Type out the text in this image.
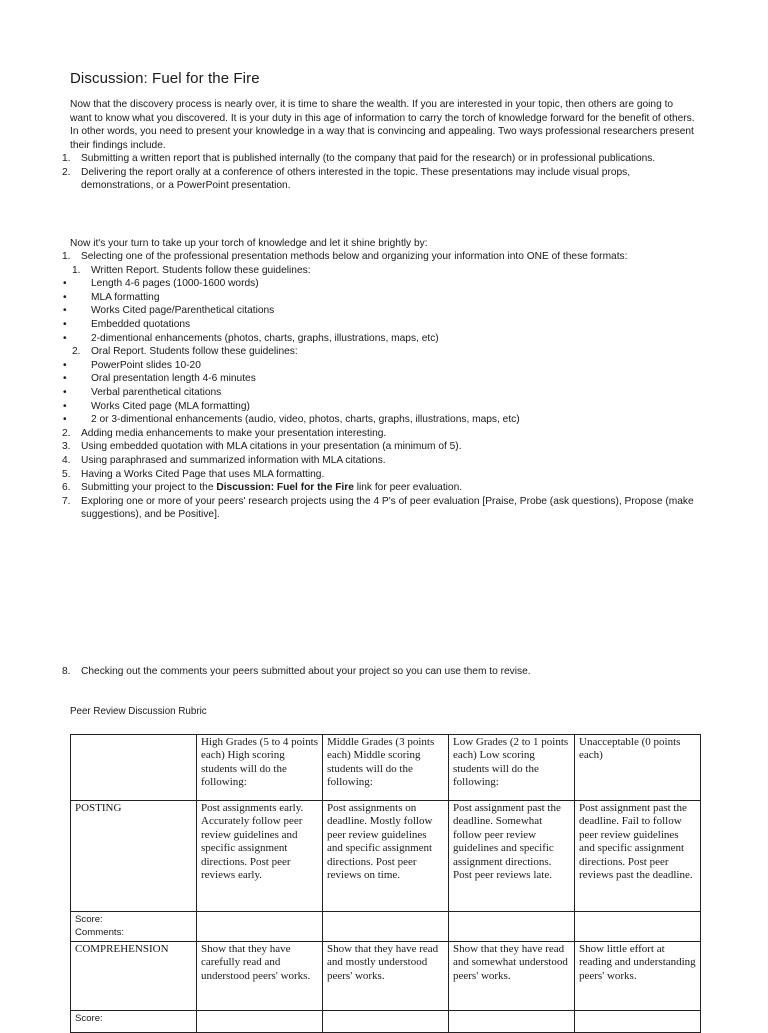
Discussion: Fuel for the Fire

Now that the discovery process is nearly over, it is time to share the wealth. If you are interested in your topic, then others are going to want to know what you discovered. It is your duty in this age of information to carry the torch of knowledge forward for the benefit of others. In other words, you need to present your knowledge in a way that is convincing and appealing. Two ways professional researchers present their findings include.

1. Submitting a written report that is published internally (to the company that paid for the research) or in professional publications.
2. Delivering the report orally at a conference of others interested in the topic. These presentations may include visual props, demonstrations, or a PowerPoint presentation.
Now it's your turn to take up your torch of knowledge and let it shine brightly by:
1. Selecting one of the professional presentation methods below and organizing your information into ONE of these formats:
1. Written Report. Students follow these guidelines:
• Length 4-6 pages (1000-1600 words)
• MLA formatting
• Works Cited page/Parenthetical citations
• Embedded quotations
• 2-dimentional enhancements (photos, charts, graphs, illustrations, maps, etc)
2. Oral Report. Students follow these guidelines:
• PowerPoint slides 10-20
• Oral presentation length 4-6 minutes
• Verbal parenthetical citations
• Works Cited page (MLA formatting)
• 2 or 3-dimentional enhancements (audio, video, photos, charts, graphs, illustrations, maps, etc)
2. Adding media enhancements to make your presentation interesting.
3. Using embedded quotation with MLA citations in your presentation (a minimum of 5).
4. Using paraphrased and summarized information with MLA citations.
5. Having a Works Cited Page that uses MLA formatting.
6. Submitting your project to the Discussion: Fuel for the Fire link for peer evaluation.
7. Exploring one or more of your peers' research projects using the 4 P's of peer evaluation [Praise, Probe (ask questions), Propose (make suggestions), and be Positive].
8. Checking out the comments your peers submitted about your project so you can use them to revise.
Peer Review Discussion Rubric
	High Grades (5 to 4 points each) High scoring students will do the following:	Middle Grades (3 points each) Middle scoring students will do the following:	Low Grades (2 to 1 points each) Low scoring students will do the following:	Unacceptable (0 points each)
POSTING	Post assignments early. Accurately follow peer review guidelines and specific assignment directions. Post peer reviews early.	Post assignments on deadline. Mostly follow peer review guidelines and specific assignment directions. Post peer reviews on time.	Post assignment past the deadline. Somewhat follow peer review guidelines and specific assignment directions. Post peer reviews late.	Post assignment past the deadline. Fail to follow peer review guidelines and specific assignment directions. Post peer reviews past the deadline.

Score:
Comments:				

COMPREHENSION	Show that they have carefully read and understood peers' works.	Show that they have read and mostly understood peers' works.	Show that they have read and somewhat understood peers' works.	Show little effort at reading and understanding peers' works.
Score:				
